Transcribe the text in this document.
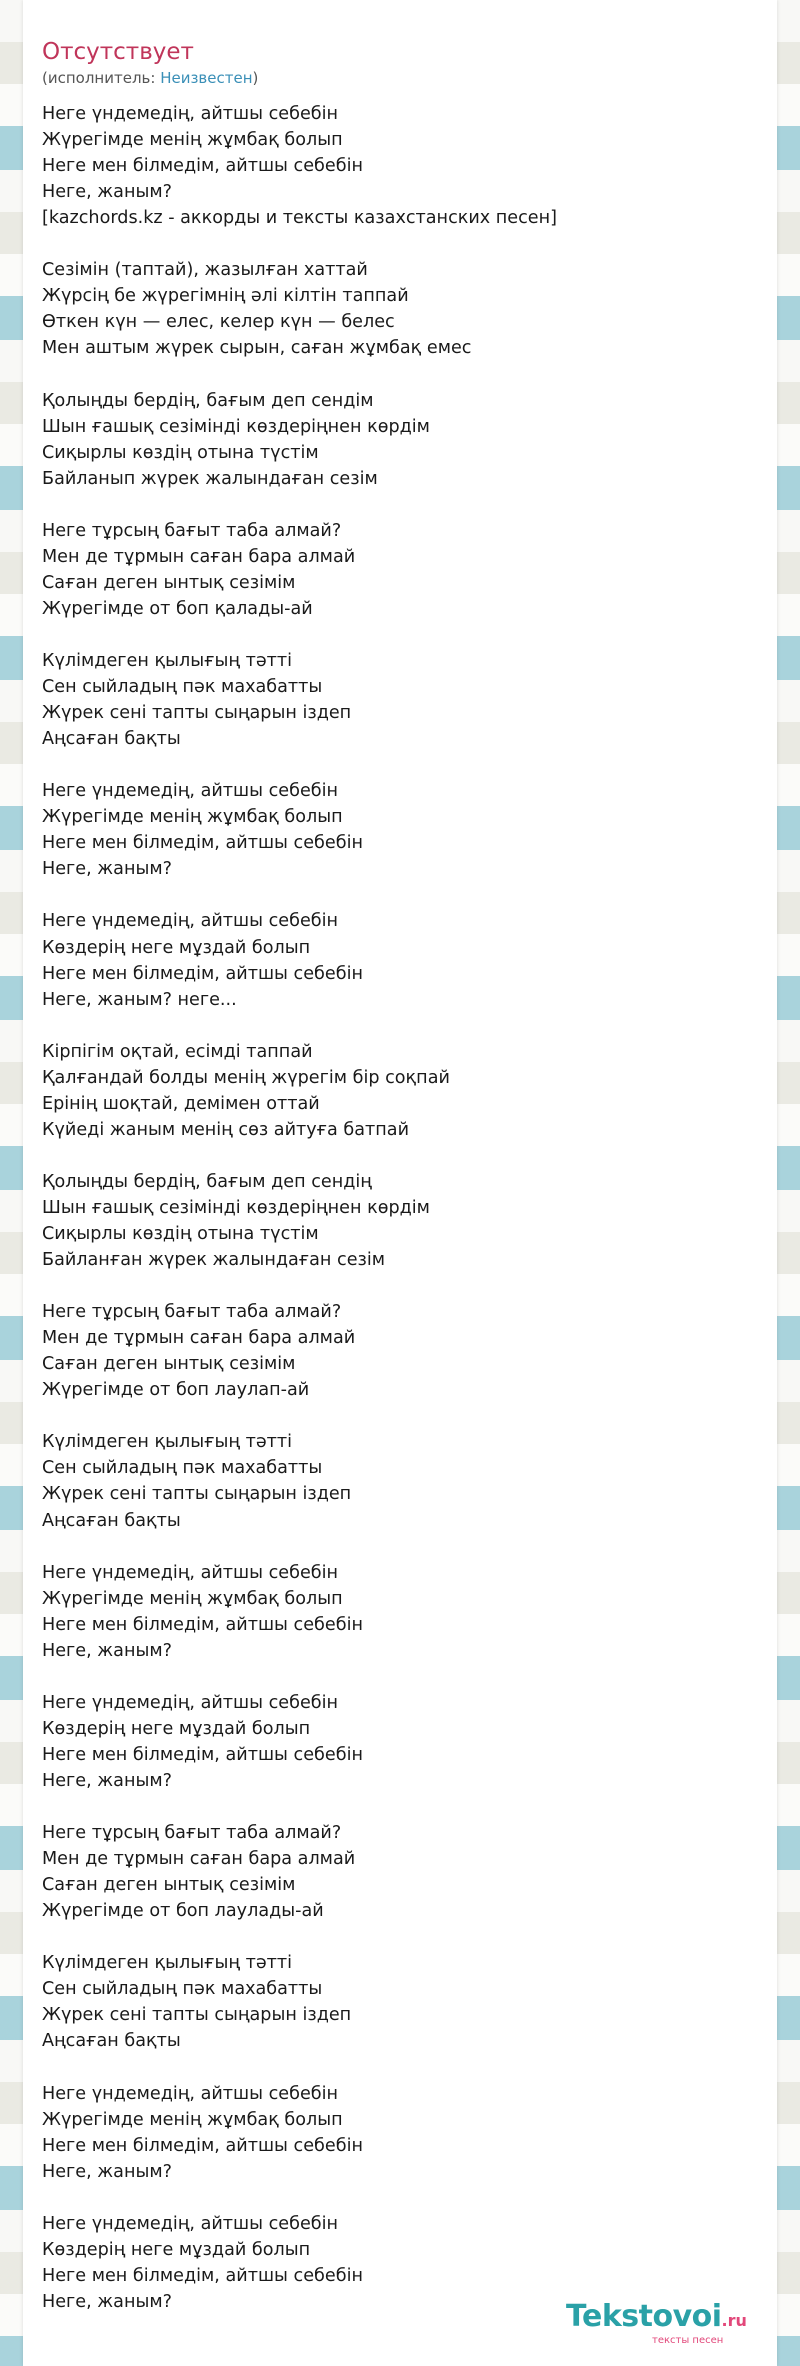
Отсутствует
(исполнитель: Неизвестен)
Неге үндемедің, айтшы себебін
Жүрегімде менің жұмбақ болып
Неге мен білмедім, айтшы себебін
Неге, жаным?
[kazchords.kz - аккорды и тексты казахстанских песен]
Сезімін (таптай), жазылған хаттай
Жүрсің бе жүрегімнің әлі кілтін таппай
Өткен күн — елес, келер күн — белес
Мен аштым жүрек сырын, саған жұмбақ емес
Қолыңды бердің, бағым деп сендім
Шын ғашық сезімінді көздеріңнен көрдім
Сиқырлы көздің отына түстім
Байланып жүрек жалындаған сезім
Неге тұрсың бағыт таба алмай?
Мен де тұрмын саған бара алмай
Саған деген ынтық сезімім
Жүрегімде от боп қалады-ай
Күлімдеген қылығың тәтті
Сен сыйладың пәк махабатты
Жүрек сені тапты сыңарын іздеп
Аңсаған бақты
Неге үндемедің, айтшы себебін
Жүрегімде менің жұмбақ болып
Неге мен білмедім, айтшы себебін
Неге, жаным?
Неге үндемедің, айтшы себебін
Көздерің неге мұздай болып
Неге мен білмедім, айтшы себебін
Неге, жаным? неге...
Кірпігім оқтай, есімді таппай
Қалғандай болды менің жүрегім бір соқпай
Ерінің шоқтай, демімен оттай
Күйеді жаным менің сөз айтуға батпай
Қолыңды бердің, бағым деп сендің
Шын ғашық сезімінді көздеріңнен көрдім
Сиқырлы көздің отына түстім
Байланған жүрек жалындаған сезім
Неге тұрсың бағыт таба алмай?
Мен де тұрмын саған бара алмай
Саған деген ынтық сезімім
Жүрегімде от боп лаулап-ай
Күлімдеген қылығың тәтті
Сен сыйладың пәк махабатты
Жүрек сені тапты сыңарын іздеп
Аңсаған бақты
Неге үндемедің, айтшы себебін
Жүрегімде менің жұмбақ болып
Неге мен білмедім, айтшы себебін
Неге, жаным?
Неге үндемедің, айтшы себебін
Көздерің неге мұздай болып
Неге мен білмедім, айтшы себебін
Неге, жаным?
Неге тұрсың бағыт таба алмай?
Мен де тұрмын саған бара алмай
Саған деген ынтық сезімім
Жүрегімде от боп лаулады-ай
Күлімдеген қылығың тәтті
Сен сыйладың пәк махабатты
Жүрек сені тапты сыңарын іздеп
Аңсаған бақты
Неге үндемедің, айтшы себебін
Жүрегімде менің жұмбақ болып
Неге мен білмедім, айтшы себебін
Неге, жаным?
Неге үндемедің, айтшы себебін
Көздерің неге мұздай болып
Неге мен білмедім, айтшы себебін
Неге, жаным?	Tekstovoi.ru
тексты песен
